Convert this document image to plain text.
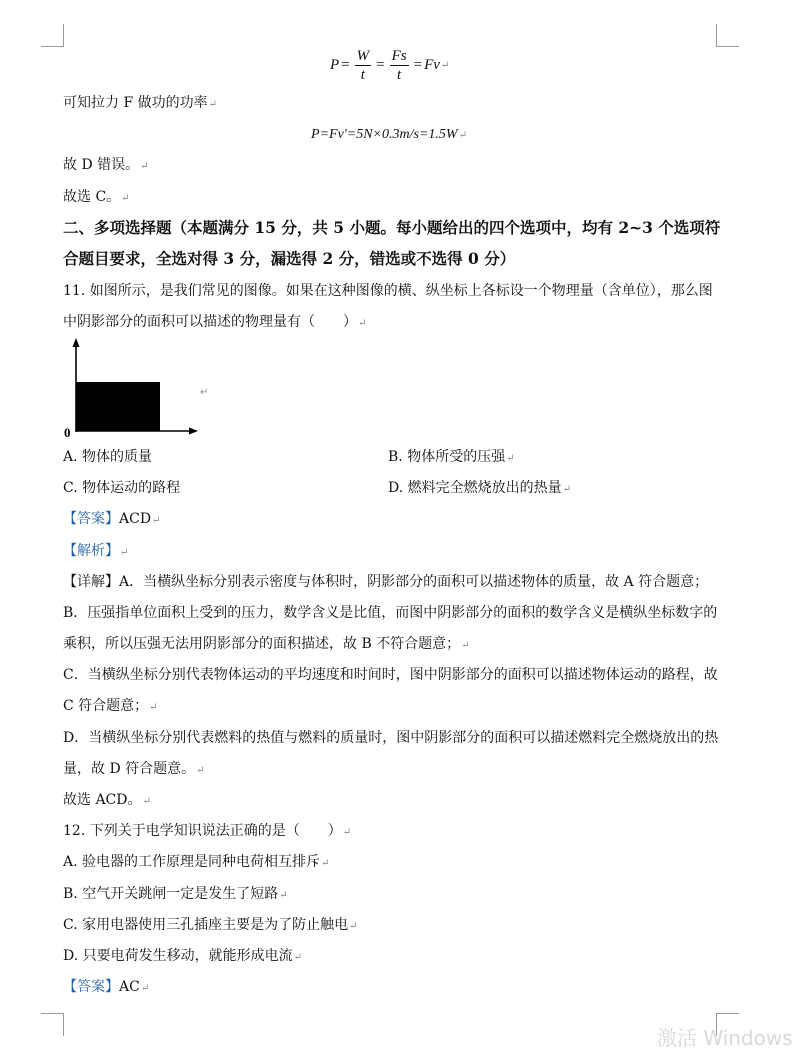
$P = \frac{W}{t} = \frac{Fs}{t} = Fv$ ↵
可知拉力 F 做功的功率↵
P=Fv'=5N×0.3m/s=1.5W↵
故 D 错误。↵
故选 C。↵
二、多项选择题（本题满分 15 分，共 5 小题。每小题给出的四个选项中，均有 2~3 个选项符
合题目要求，全选对得 3 分，漏选得 2 分，错选或不选得 0 分）
11. 如图所示，是我们常见的图像。如果在这种图像的横、纵坐标上各标设一个物理量（含单位），那么图
中阴影部分的面积可以描述的物理量有（　　）↵
0
↵
A. 物体的质量	B. 物体所受的压强↵
C. 物体运动的路程	D. 燃料完全燃烧放出的热量↵
【答案】ACD↵
【解析】↵
【详解】A．当横纵坐标分别表示密度与体积时，阴影部分的面积可以描述物体的质量，故 A 符合题意；
B．压强指单位面积上受到的压力，数学含义是比值，而图中阴影部分的面积的数学含义是横纵坐标数字的
乘积，所以压强无法用阴影部分的面积描述，故 B 不符合题意；↵
C．当横纵坐标分别代表物体运动的平均速度和时间时，图中阴影部分的面积可以描述物体运动的路程，故
C 符合题意；↵
D．当横纵坐标分别代表燃料的热值与燃料的质量时，图中阴影部分的面积可以描述燃料完全燃烧放出的热
量，故 D 符合题意。↵
故选 ACD。↵
12. 下列关于电学知识说法正确的是（　　）↵
A. 验电器的工作原理是同种电荷相互排斥↵
B. 空气开关跳闸一定是发生了短路↵
C. 家用电器使用三孔插座主要是为了防止触电↵
D. 只要电荷发生移动，就能形成电流↵
【答案】AC↵
激活 Windows
